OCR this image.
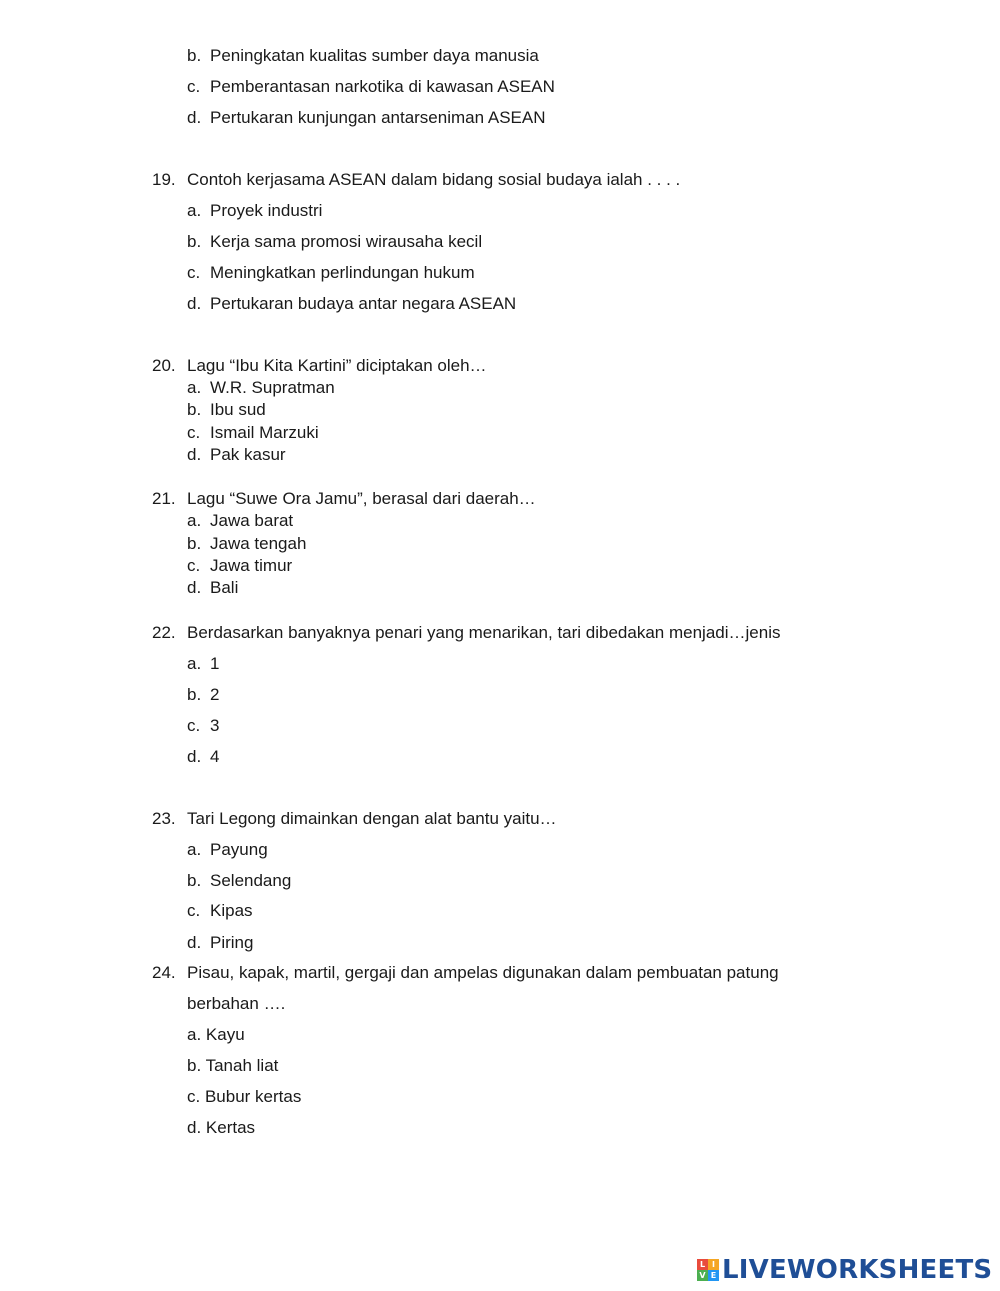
b. Peningkatan kualitas sumber daya manusia
c. Pemberantasan narkotika di kawasan ASEAN
d. Pertukaran kunjungan antarseniman ASEAN
19. Contoh kerjasama ASEAN dalam bidang sosial budaya ialah . . . .
a. Proyek industri
b. Kerja sama promosi wirausaha kecil
c. Meningkatkan perlindungan hukum
d. Pertukaran budaya antar negara ASEAN
20. Lagu “Ibu Kita Kartini” diciptakan oleh…
a. W.R. Supratman
b. Ibu sud
c. Ismail Marzuki
d. Pak kasur
21. Lagu “Suwe Ora Jamu”, berasal dari daerah…
a. Jawa barat
b. Jawa tengah
c. Jawa timur
d. Bali
22. Berdasarkan banyaknya penari yang menarikan, tari dibedakan menjadi…jenis
a. 1
b. 2
c. 3
d. 4
23. Tari Legong dimainkan dengan alat bantu yaitu…
a. Payung
b. Selendang
c. Kipas
d. Piring
24. Pisau, kapak, martil, gergaji dan ampelas digunakan dalam pembuatan patung
berbahan ….
a. Kayu
b. Tanah liat
c. Bubur kertas
d. Kertas
L I
V E LIVEWORKSHEETS
